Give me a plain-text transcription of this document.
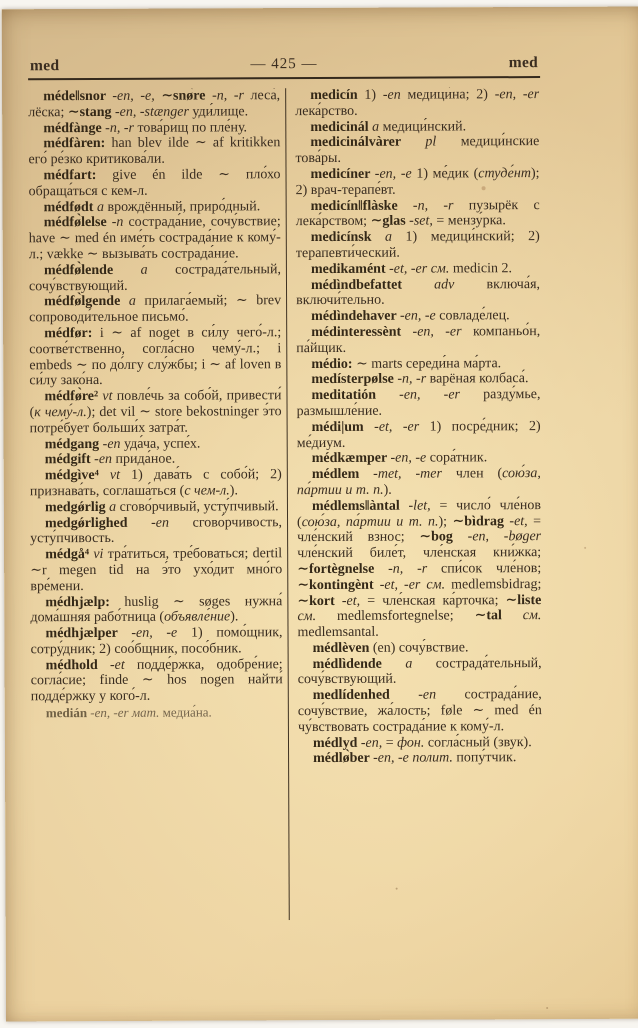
med	— 425 —	med

méde‖snor -en, -e, ∼snø̀re -n, -r леса́, лёска; ∼stang -en, -stænger уди́лище.

médfànge -n, -r това́рищ по пле́ну.

médfàren: han blev ilde ∼ af kritikken его́ ре́зко критикова́ли.

médfart: give én ilde ∼ пло́хо обраща́ться с кем-л.

médfødt a врождённый, приро́дный.

médfø̀lelse -n сострада́ние, сочу́вствие; have ∼ med én име́ть сострада́ние к кому́-л.; vække ∼ вызыва́ть сострада́ние.

médfø̀lende a сострада́тельный, сочу́вствующий.

médfø̀lgende a прилага́емый; ∼ brev сопроводи́тельное письмо́.

médfør: i ∼ af noget в си́лу чего́-л.; соотве́тственно, согла́сно чему́-л.; i embeds ∼ по до́лгу слу́жбы; i ∼ af loven в си́лу зако́на.

médfø̀re² vt повле́чь за собо́й, привести́ (к чему́-л.); det vil ∼ store bekostninger э́то потре́бует больши́х затра́т.

médgang -en уда́ча, успе́х.

médgift -en прида́ное.

médgìve⁴ vt 1) дава́ть с собо́й; 2) признава́ть, соглаша́ться (с чем-л.).

medgǿrlig a сгово́рчивый, усту́пчивый.

medgǿrlighed -en сгово́рчивость, усту́пчивость.

médgå⁴ vi тра́титься, тре́боваться; dertil ∼r megen tid на э́то ухо́дит мно́го вре́мени.

médhjælp: huslig ∼ søges нужна́ дома́шняя рабо́тница (объявле́ние).

médhjælper -en, -e 1) помо́щник, сотру́дник; 2) соо́бщник, посо́бник.

médhold -et подде́ржка, одобре́ние; согла́сие; finde ∼ hos nogen найти́ подде́ржку у кого́-л.

medián -en, -er мат. медиа́на.

medicín 1) -en медици́на; 2) -en, -er лека́рство.

medicinál a медици́нский.

medicinálvàrer pl медици́нские това́ры.

medicíner -en, -e 1) ме́дик (студе́нт); 2) врач-терапе́вт.

medicín‖flàske -n, -r пузырёк с лека́рством; ∼glas -set, = мензу́рка.

medicínsk a 1) медици́нский; 2) терапевти́ческий.

medikamént -et, -er см. medicin 2.

médìndbefattet adv включа́я, включи́тельно.

médìndehaver -en, -e совладе́лец.

médinteressènt -en, -er компаньо́н, па́йщик.

médio: ∼ marts середи́на ма́рта.

medísterpølse -n, -r варёная колбаса́.

meditatión -en, -er разду́мье, размышле́ние.

médi|um -et, -er 1) посре́дник; 2) ме́диум.

médkæmper -en, -e сора́тник.

médlem -met, -mer член (сою́за, па́ртии и т. п.).

médlems‖àntal -let, = число́ чле́нов (сою́за, па́ртии и т. п.); ∼bìdrag -et, = чле́нский взнос; ∼bog -en, -bøger чле́нский биле́т, чле́нская кни́жка; ∼fortègnelse -n, -r спи́сок чле́нов; ∼kontingènt -et, -er см. medlemsbidrag; ∼kort -et, = чле́нская ка́рточка; ∼liste см. medlemsfortegnelse; ∼tal см. medlemsantal.

médlèven (en) сочу́вствие.

médlìdende a сострада́тельный, сочу́вствующий.

medlídenhed -en сострада́ние, сочу́вствие, жа́лость; føle ∼ med én чу́вствовать сострада́ние к кому́-л.

médlyd -en, = фон. согла́сный (звук).

médlø̀ber -en, -e полит. попу́тчик.
